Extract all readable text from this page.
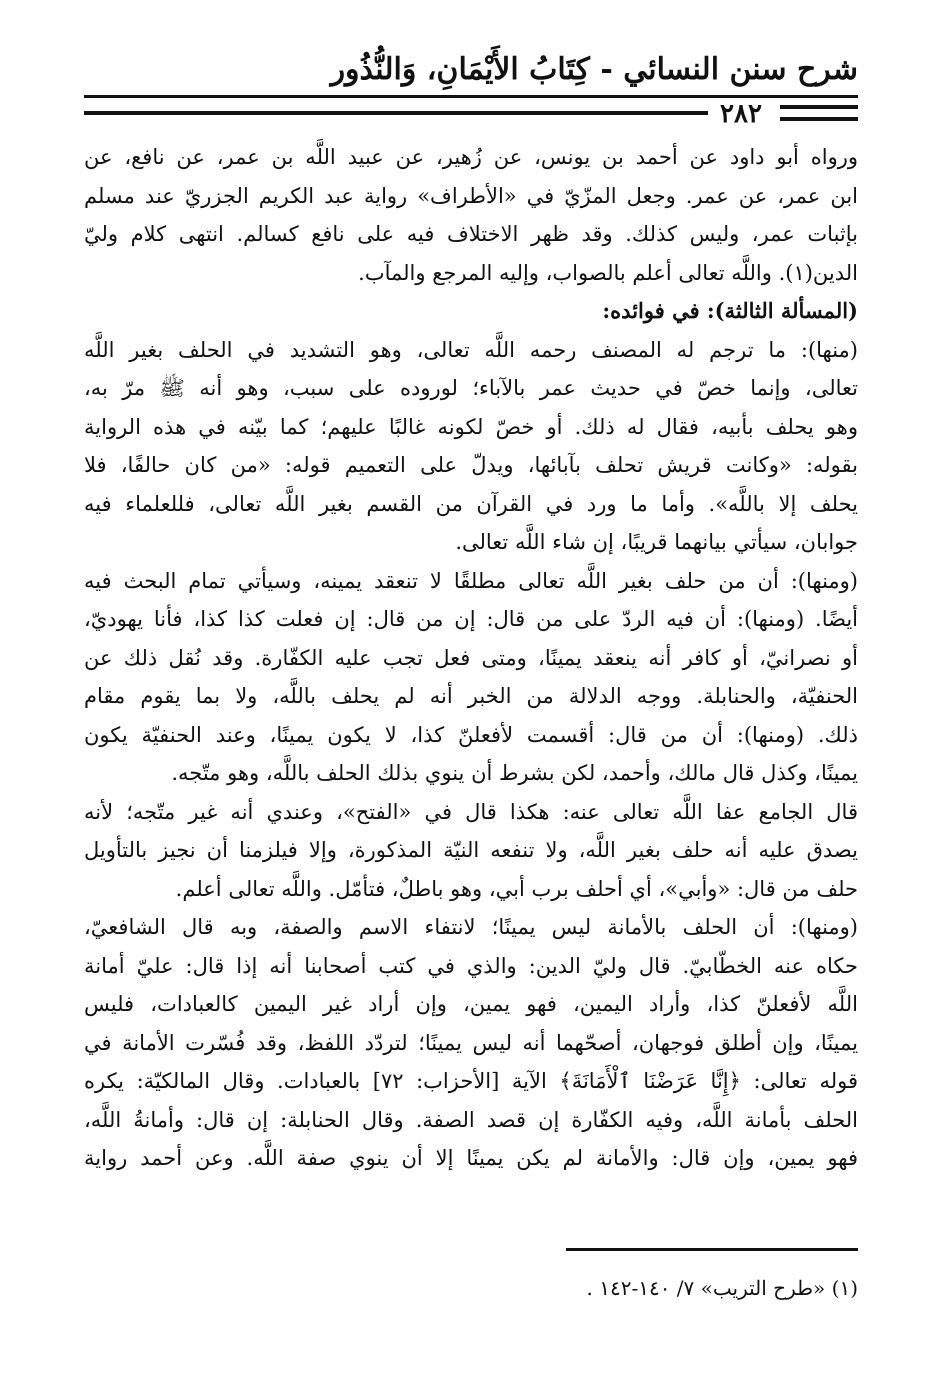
شرح سنن النسائي - كِتَابُ الأَيْمَانِ، وَالنُّذُور
٢٨٢
ورواه أبو داود عن أحمد بن يونس، عن زُهير، عن عبيد اللَّه بن عمر، عن نافع، عن
ابن عمر، عن عمر. وجعل المزّيّ في «الأطراف» رواية عبد الكريم الجزريّ عند مسلم
بإثبات عمر، وليس كذلك. وقد ظهر الاختلاف فيه على نافع كسالم. انتهى كلام وليّ
الدين(١). واللَّه تعالى أعلم بالصواب، وإليه المرجع والمآب.
(المسألة الثالثة): في فوائده:
(منها): ما ترجم له المصنف رحمه اللَّه تعالى، وهو التشديد في الحلف بغير اللَّه
تعالى، وإنما خصّ في حديث عمر بالآباء؛ لوروده على سبب، وهو أنه ﷺ مرّ به،
وهو يحلف بأبيه، فقال له ذلك. أو خصّ لكونه غالبًا عليهم؛ كما بيّنه في هذه الرواية
بقوله: «وكانت قريش تحلف بآبائها، ويدلّ على التعميم قوله: «من كان حالفًا، فلا
يحلف إلا باللَّه». وأما ما ورد في القرآن من القسم بغير اللَّه تعالى، فللعلماء فيه
جوابان، سيأتي بيانهما قريبًا، إن شاء اللَّه تعالى.
(ومنها): أن من حلف بغير اللَّه تعالى مطلقًا لا تنعقد يمينه، وسيأتي تمام البحث فيه
أيضًا. (ومنها): أن فيه الردّ على من قال: إن من قال: إن فعلت كذا كذا، فأنا يهوديّ،
أو نصرانيّ، أو كافر أنه ينعقد يمينًا، ومتى فعل تجب عليه الكفّارة. وقد نُقل ذلك عن
الحنفيّة، والحنابلة. ووجه الدلالة من الخبر أنه لم يحلف باللَّه، ولا بما يقوم مقام
ذلك. (ومنها): أن من قال: أقسمت لأفعلنّ كذا، لا يكون يمينًا، وعند الحنفيّة يكون
يمينًا، وكذل قال مالك، وأحمد، لكن بشرط أن ينوي بذلك الحلف باللَّه، وهو متّجه.
قال الجامع عفا اللَّه تعالى عنه: هكذا قال في «الفتح»، وعندي أنه غير متّجه؛ لأنه
يصدق عليه أنه حلف بغير اللَّه، ولا تنفعه النيّة المذكورة، وإلا فيلزمنا أن نجيز بالتأويل
حلف من قال: «وأبي»، أي أحلف برب أبي، وهو باطلٌ، فتأمّل. واللَّه تعالى أعلم.
(ومنها): أن الحلف بالأمانة ليس يمينًا؛ لانتفاء الاسم والصفة، وبه قال الشافعيّ،
حكاه عنه الخطّابيّ. قال وليّ الدين: والذي في كتب أصحابنا أنه إذا قال: عليّ أمانة
اللَّه لأفعلنّ كذا، وأراد اليمين، فهو يمين، وإن أراد غير اليمين كالعبادات، فليس
يمينًا، وإن أطلق فوجهان، أصحّهما أنه ليس يمينًا؛ لتردّد اللفظ، وقد فُسّرت الأمانة في
قوله تعالى: ﴿إِنَّا عَرَضْنَا ٱلْأَمَانَةَ﴾ الآية [الأحزاب: ٧٢] بالعبادات. وقال المالكيّة: يكره
الحلف بأمانة اللَّه، وفيه الكفّارة إن قصد الصفة. وقال الحنابلة: إن قال: وأمانةُ اللَّه،
فهو يمين، وإن قال: والأمانة لم يكن يمينًا إلا أن ينوي صفة اللَّه. وعن أحمد رواية
(١) «طرح التريب» ٧/ ١٤٠-١٤٢ .
